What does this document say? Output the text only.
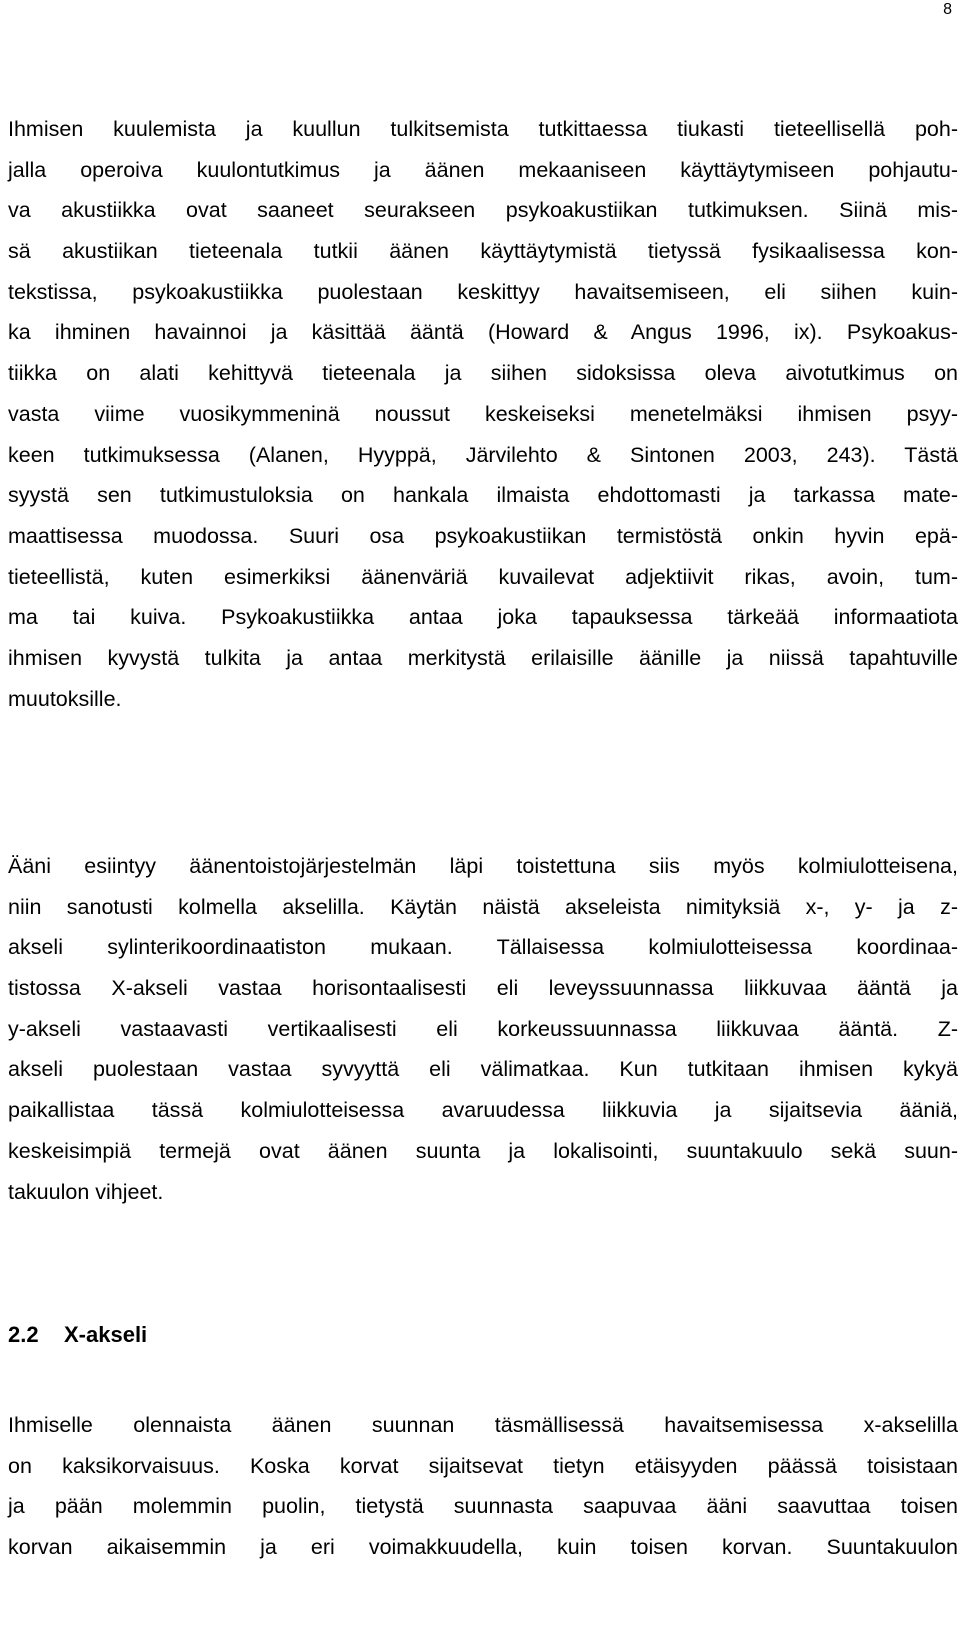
8
Ihmisen kuulemista ja kuullun tulkitsemista tutkittaessa tiukasti tieteellisellä poh-
jalla operoiva kuulontutkimus ja äänen mekaaniseen käyttäytymiseen pohjautu-
va akustiikka ovat saaneet seurakseen psykoakustiikan tutkimuksen. Siinä mis-
sä akustiikan tieteenala tutkii äänen käyttäytymistä tietyssä fysikaalisessa kon-
tekstissa, psykoakustiikka puolestaan keskittyy havaitsemiseen, eli siihen kuin-
ka ihminen havainnoi ja käsittää ääntä (Howard & Angus 1996, ix). Psykoakus-
tiikka on alati kehittyvä tieteenala ja siihen sidoksissa oleva aivotutkimus on
vasta viime vuosikymmeninä noussut keskeiseksi menetelmäksi ihmisen psyy-
keen tutkimuksessa (Alanen, Hyyppä, Järvilehto & Sintonen 2003, 243). Tästä
syystä sen tutkimustuloksia on hankala ilmaista ehdottomasti ja tarkassa mate-
maattisessa muodossa. Suuri osa psykoakustiikan termistöstä onkin hyvin epä-
tieteellistä, kuten esimerkiksi äänenväriä kuvailevat adjektiivit rikas, avoin, tum-
ma tai kuiva. Psykoakustiikka antaa joka tapauksessa tärkeää informaatiota
ihmisen kyvystä tulkita ja antaa merkitystä erilaisille äänille ja niissä tapahtuville
muutoksille.
Ääni esiintyy äänentoistojärjestelmän läpi toistettuna siis myös kolmiulotteisena,
niin sanotusti kolmella akselilla. Käytän näistä akseleista nimityksiä x-, y- ja z-
akseli sylinterikoordinaatiston mukaan. Tällaisessa kolmiulotteisessa koordinaa-
tistossa X-akseli vastaa horisontaalisesti eli leveyssuunnassa liikkuvaa ääntä ja
y-akseli vastaavasti vertikaalisesti eli korkeussuunnassa liikkuvaa ääntä. Z-
akseli puolestaan vastaa syvyyttä eli välimatkaa. Kun tutkitaan ihmisen kykyä
paikallistaa tässä kolmiulotteisessa avaruudessa liikkuvia ja sijaitsevia ääniä,
keskeisimpiä termejä ovat äänen suunta ja lokalisointi, suuntakuulo sekä suun-
takuulon vihjeet.
2.2 X-akseli
Ihmiselle olennaista äänen suunnan täsmällisessä havaitsemisessa x-akselilla
on kaksikorvaisuus. Koska korvat sijaitsevat tietyn etäisyyden päässä toisistaan
ja pään molemmin puolin, tietystä suunnasta saapuvaa ääni saavuttaa toisen
korvan aikaisemmin ja eri voimakkuudella, kuin toisen korvan. Suuntakuulon
